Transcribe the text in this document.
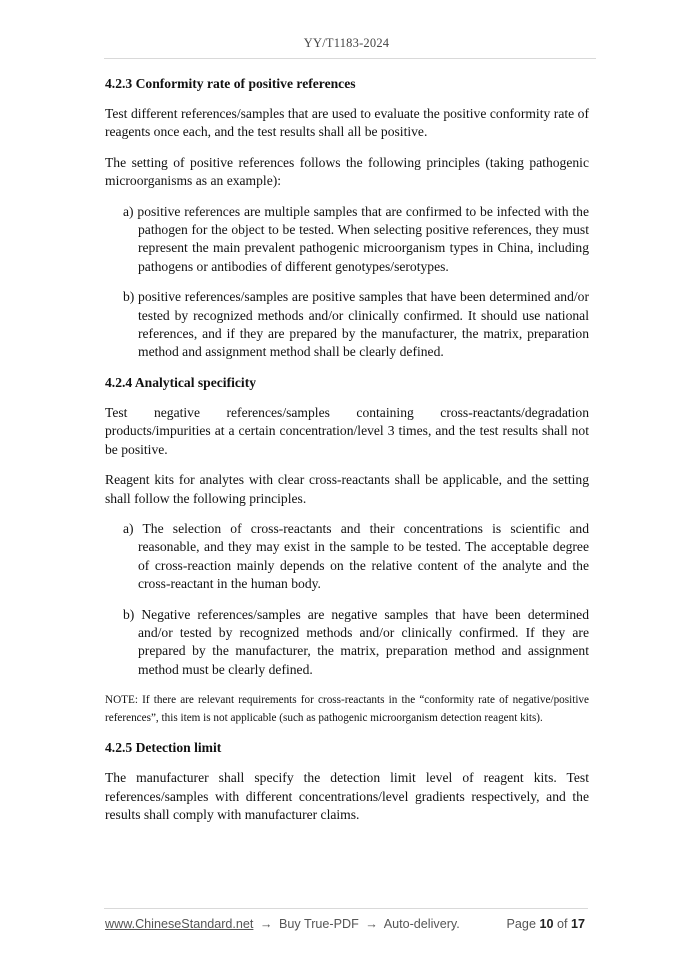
YY/T1183-2024
4.2.3 Conformity rate of positive references

Test different references/samples that are used to evaluate the positive conformity rate of reagents once each, and the test results shall all be positive.

The setting of positive references follows the following principles (taking pathogenic microorganisms as an example):

a) positive references are multiple samples that are confirmed to be infected with the pathogen for the object to be tested. When selecting positive references, they must represent the main prevalent pathogenic microorganism types in China, including pathogens or antibodies of different genotypes/serotypes.
b) positive references/samples are positive samples that have been determined and/or tested by recognized methods and/or clinically confirmed. It should use national references, and if they are prepared by the manufacturer, the matrix, preparation method and assignment method shall be clearly defined.
4.2.4 Analytical specificity

Test negative references/samples containing cross-reactants/degradation products/impurities at a certain concentration/level 3 times, and the test results shall not be positive.

Reagent kits for analytes with clear cross-reactants shall be applicable, and the setting shall follow the following principles.

a) The selection of cross-reactants and their concentrations is scientific and reasonable, and they may exist in the sample to be tested. The acceptable degree of cross-reaction mainly depends on the relative content of the analyte and the cross-reactant in the human body.
b) Negative references/samples are negative samples that have been determined and/or tested by recognized methods and/or clinically confirmed. If they are prepared by the manufacturer, the matrix, preparation method and assignment method must be clearly defined.

NOTE: If there are relevant requirements for cross-reactants in the “conformity rate of negative/positive references”, this item is not applicable (such as pathogenic microorganism detection reagent kits).

4.2.5 Detection limit

The manufacturer shall specify the detection limit level of reagent kits. Test references/samples with different concentrations/level gradients respectively, and the results shall comply with manufacturer claims.

www.ChineseStandard.net → Buy True-PDF → Auto-delivery.	Page 10 of 17
